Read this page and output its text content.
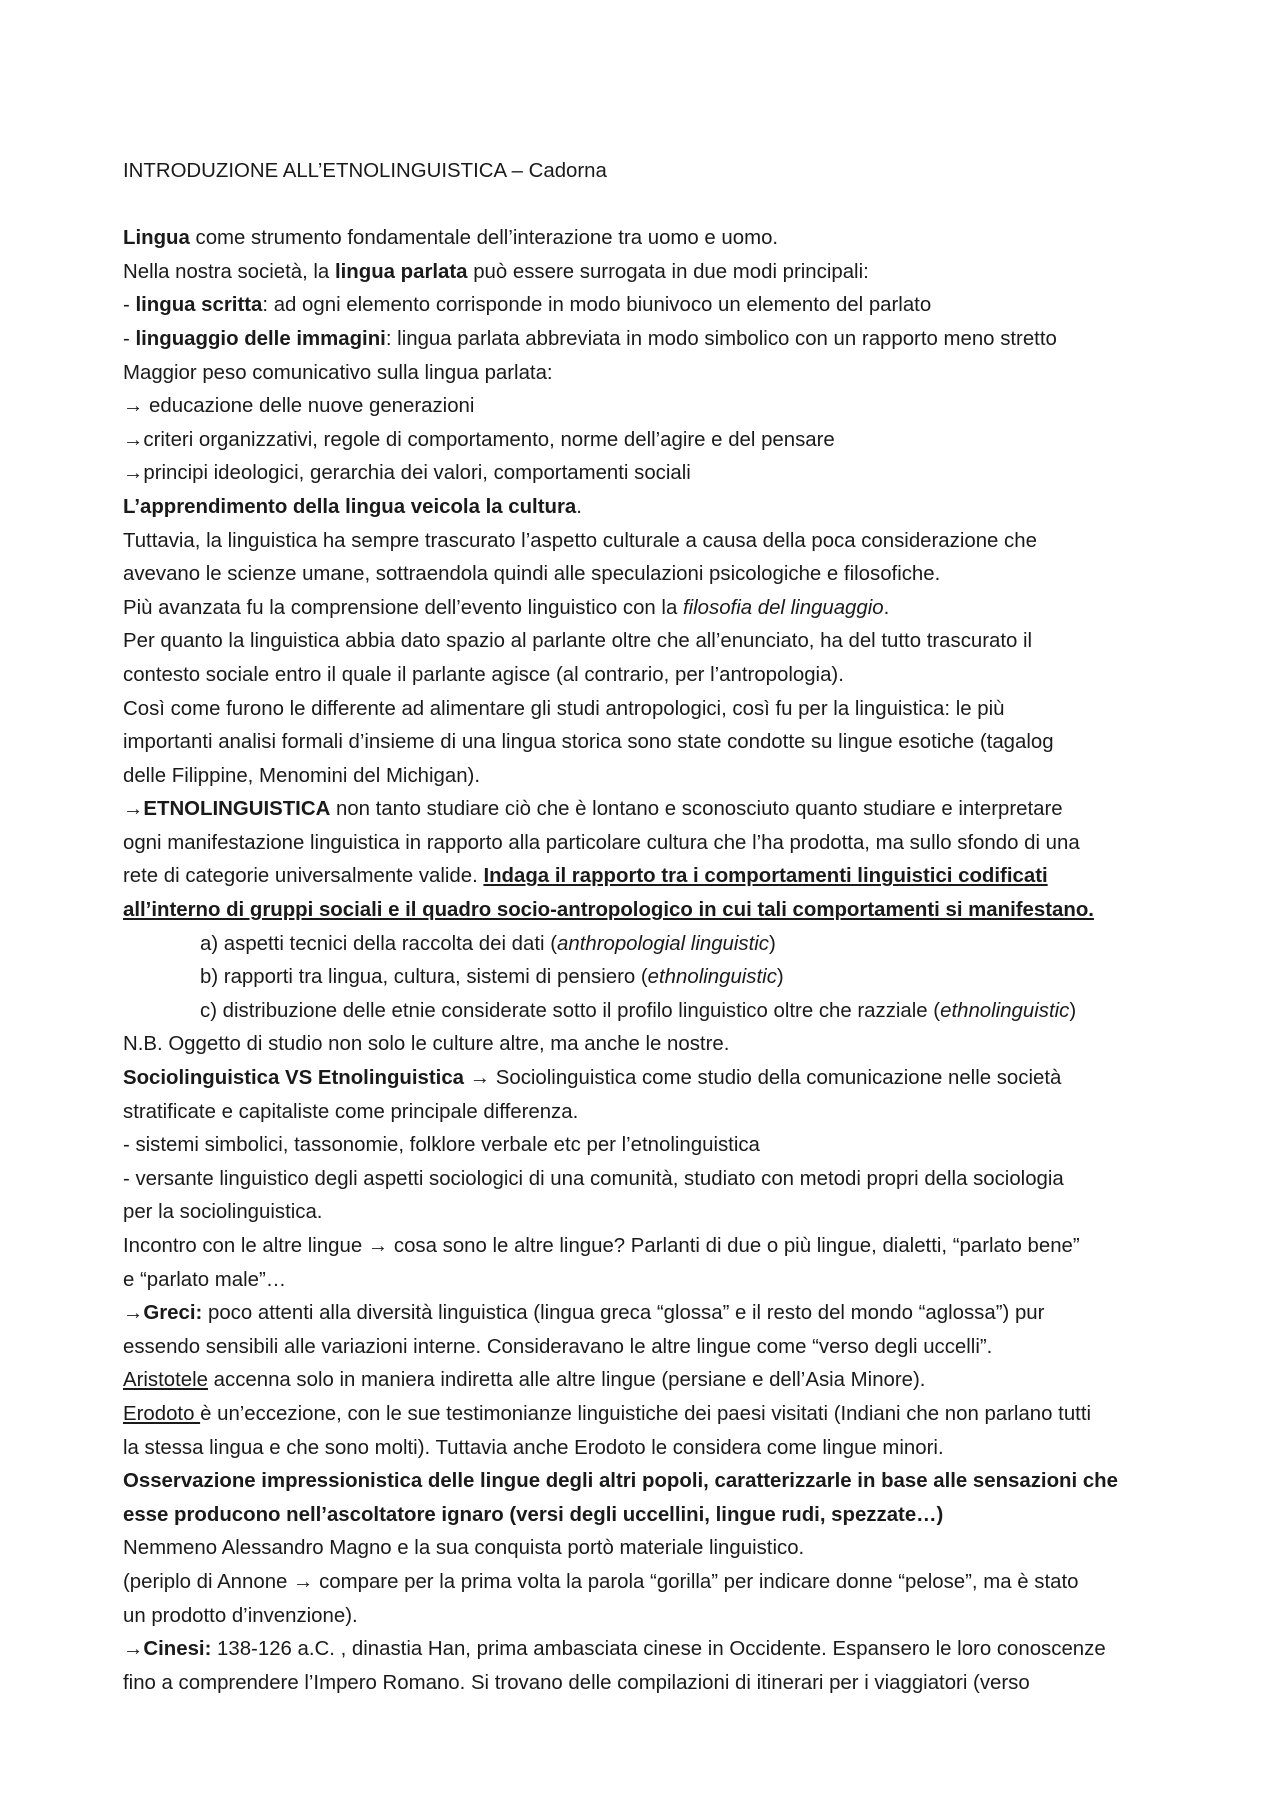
INTRODUZIONE ALL’ETNOLINGUISTICA – Cadorna
Lingua come strumento fondamentale dell’interazione tra uomo e uomo.
Nella nostra società, la lingua parlata può essere surrogata in due modi principali:
- lingua scritta: ad ogni elemento corrisponde in modo biunivoco un elemento del parlato
- linguaggio delle immagini: lingua parlata abbreviata in modo simbolico con un rapporto meno stretto
Maggior peso comunicativo sulla lingua parlata:
→ educazione delle nuove generazioni
→criteri organizzativi, regole di comportamento, norme dell’agire e del pensare
→principi ideologici, gerarchia dei valori, comportamenti sociali
L’apprendimento della lingua veicola la cultura.
Tuttavia, la linguistica ha sempre trascurato l’aspetto culturale a causa della poca considerazione che
avevano le scienze umane, sottraendola quindi alle speculazioni psicologiche e filosofiche.
Più avanzata fu la comprensione dell’evento linguistico con la filosofia del linguaggio.
Per quanto la linguistica abbia dato spazio al parlante oltre che all’enunciato, ha del tutto trascurato il
contesto sociale entro il quale il parlante agisce (al contrario, per l’antropologia).
Così come furono le differente ad alimentare gli studi antropologici, così fu per la linguistica: le più
importanti analisi formali d’insieme di una lingua storica sono state condotte su lingue esotiche (tagalog
delle Filippine, Menomini del Michigan).
→ETNOLINGUISTICA non tanto studiare ciò che è lontano e sconosciuto quanto studiare e interpretare
ogni manifestazione linguistica in rapporto alla particolare cultura che l’ha prodotta, ma sullo sfondo di una
rete di categorie universalmente valide. Indaga il rapporto tra i comportamenti linguistici codificati
all’interno di gruppi sociali e il quadro socio-antropologico in cui tali comportamenti si manifestano.
a) aspetti tecnici della raccolta dei dati (anthropologial linguistic)
b) rapporti tra lingua, cultura, sistemi di pensiero (ethnolinguistic)
c) distribuzione delle etnie considerate sotto il profilo linguistico oltre che razziale (ethnolinguistic)
N.B. Oggetto di studio non solo le culture altre, ma anche le nostre.
Sociolinguistica VS Etnolinguistica → Sociolinguistica come studio della comunicazione nelle società
stratificate e capitaliste come principale differenza.
- sistemi simbolici, tassonomie, folklore verbale etc per l’etnolinguistica
- versante linguistico degli aspetti sociologici di una comunità, studiato con metodi propri della sociologia
per la sociolinguistica.
Incontro con le altre lingue → cosa sono le altre lingue? Parlanti di due o più lingue, dialetti, “parlato bene”
e “parlato male”…
→Greci: poco attenti alla diversità linguistica (lingua greca “glossa” e il resto del mondo “aglossa”) pur
essendo sensibili alle variazioni interne. Consideravano le altre lingue come “verso degli uccelli”.
Aristotele accenna solo in maniera indiretta alle altre lingue (persiane e dell’Asia Minore).
Erodoto è un’eccezione, con le sue testimonianze linguistiche dei paesi visitati (Indiani che non parlano tutti
la stessa lingua e che sono molti). Tuttavia anche Erodoto le considera come lingue minori.
Osservazione impressionistica delle lingue degli altri popoli, caratterizzarle in base alle sensazioni che
esse producono nell’ascoltatore ignaro (versi degli uccellini, lingue rudi, spezzate…)
Nemmeno Alessandro Magno e la sua conquista portò materiale linguistico.
(periplo di Annone → compare per la prima volta la parola “gorilla” per indicare donne “pelose”, ma è stato
un prodotto d’invenzione).
→Cinesi: 138-126 a.C. , dinastia Han, prima ambasciata cinese in Occidente. Espansero le loro conoscenze
fino a comprendere l’Impero Romano. Si trovano delle compilazioni di itinerari per i viaggiatori (verso
